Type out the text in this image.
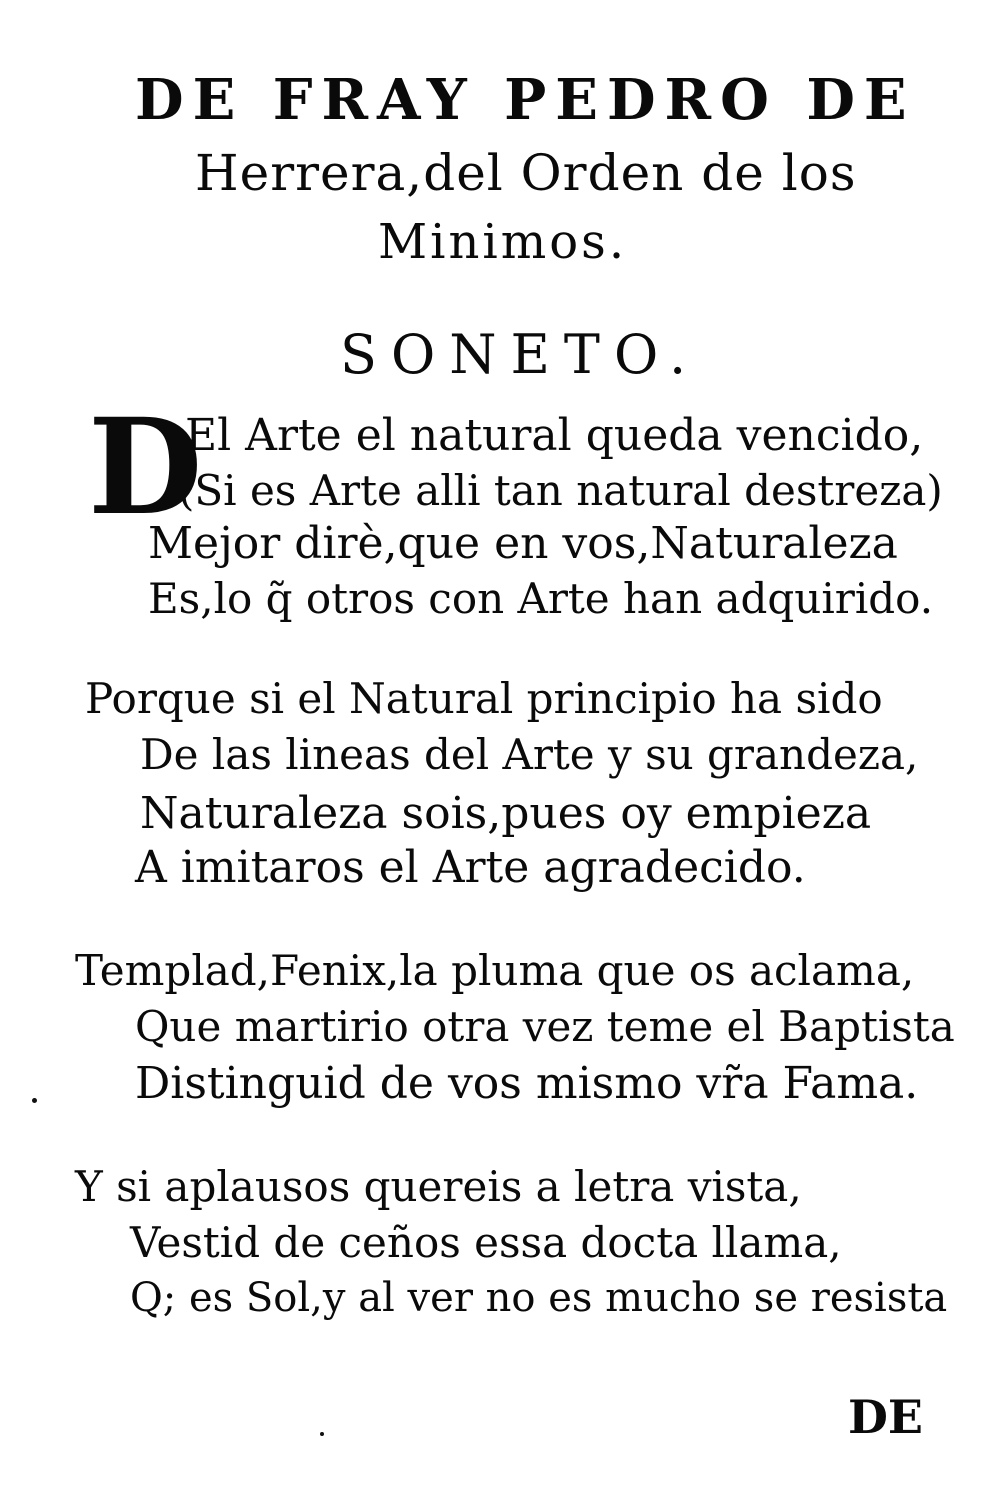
DE FRAY PEDRO DE
Herrera,del Orden de los
Minimos.
SONETO.
D
El Arte el natural queda vencido,
(Si es Arte alli tan natural destreza)
Mejor dirè,que en vos,Naturaleza
Es,lo q̃ otros con Arte han adquirido.
Porque si el Natural principio ha sido
De las lineas del Arte y su grandeza,
Naturaleza sois,pues oy empieza
A imitaros el Arte agradecido.
Templad,Fenix,la pluma que os aclama,
Que martirio otra vez teme el Baptista
Distinguid de vos mismo vr̃a Fama.
Y si aplausos quereis a letra vista,
Vestid de ceños essa docta llama,
Q; es Sol,y al ver no es mucho se resista
DE
